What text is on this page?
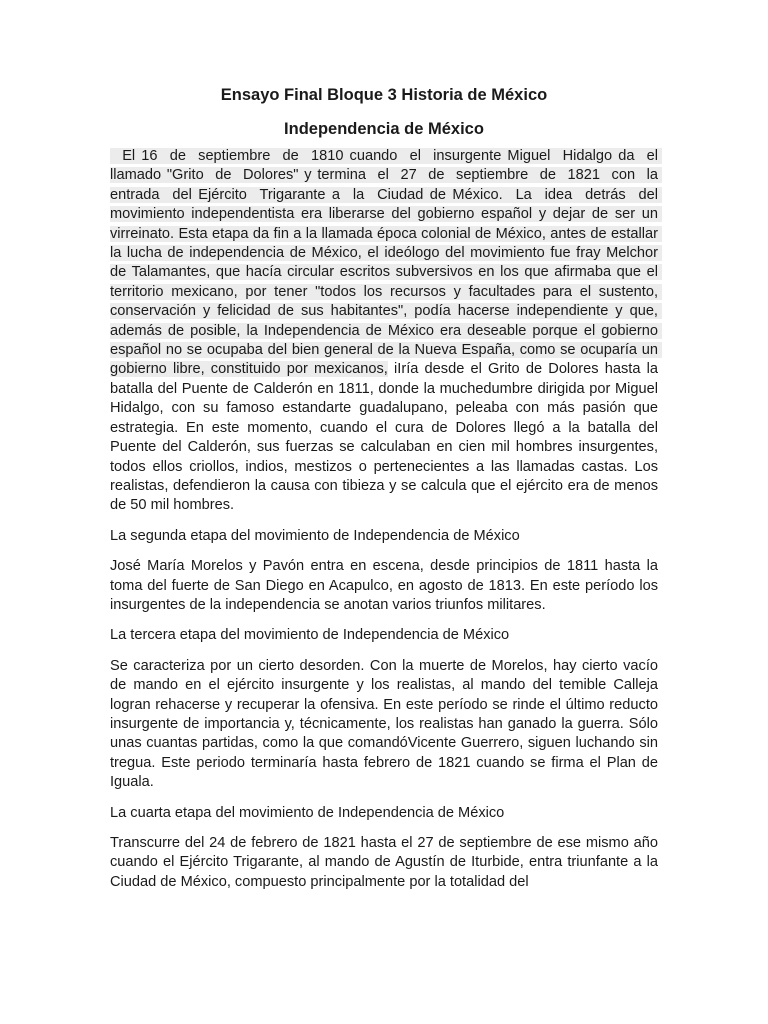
Ensayo Final Bloque 3 Historia de México
Independencia de México

El 16  de  septiembre  de  1810 cuando  el  insurgente Miguel  Hidalgo da  el llamado "Grito  de  Dolores" y termina  el  27  de  septiembre  de  1821  con  la entrada  del Ejército  Trigarante a  la  Ciudad de México.  La  idea  detrás  del movimiento independentista era liberarse del gobierno español y dejar de ser un virreinato. Esta etapa da fin a la llamada época colonial de México, antes de estallar la lucha de independencia de México, el ideólogo del movimiento fue fray Melchor de Talamantes, que hacía circular escritos subversivos en los que afirmaba que el territorio mexicano, por tener "todos los recursos y facultades para el sustento, conservación y felicidad de sus habitantes", podía hacerse independiente y que, además de posible, la Independencia de México era deseable porque el gobierno español no se ocupaba del bien general de la Nueva España, como se ocuparía un gobierno libre, constituido por mexicanos, iIría desde el Grito de Dolores hasta la batalla del Puente de Calderón en 1811, donde la muchedumbre dirigida por Miguel Hidalgo, con su famoso estandarte guadalupano, peleaba con más pasión que estrategia. En este momento, cuando el cura de Dolores llegó a la batalla del Puente del Calderón, sus fuerzas se calculaban en cien mil hombres insurgentes, todos ellos criollos, indios, mestizos o pertenecientes a las llamadas castas. Los realistas, defendieron la causa con tibieza y se calcula que el ejército era de menos de 50 mil hombres.

La segunda etapa del movimiento de Independencia de México

José María Morelos y Pavón entra en escena, desde principios de 1811 hasta la toma del fuerte de San Diego en Acapulco, en agosto de 1813. En este período los insurgentes de la independencia se anotan varios triunfos militares.

La tercera etapa del movimiento de Independencia de México

Se caracteriza por un cierto desorden. Con la muerte de Morelos, hay cierto vacío de mando en el ejército insurgente y los realistas, al mando del temible Calleja logran rehacerse y recuperar la ofensiva. En este período se rinde el último reducto insurgente de importancia y, técnicamente, los realistas han ganado la guerra. Sólo unas cuantas partidas, como la que comandóVicente Guerrero, siguen luchando sin tregua. Este periodo terminaría hasta febrero de 1821 cuando se firma el Plan de Iguala.

La cuarta etapa del movimiento de Independencia de México

Transcurre del 24 de febrero de 1821 hasta el 27 de septiembre de ese mismo año cuando el Ejército Trigarante, al mando de Agustín de Iturbide, entra triunfante a la Ciudad de México, compuesto principalmente por la totalidad del
